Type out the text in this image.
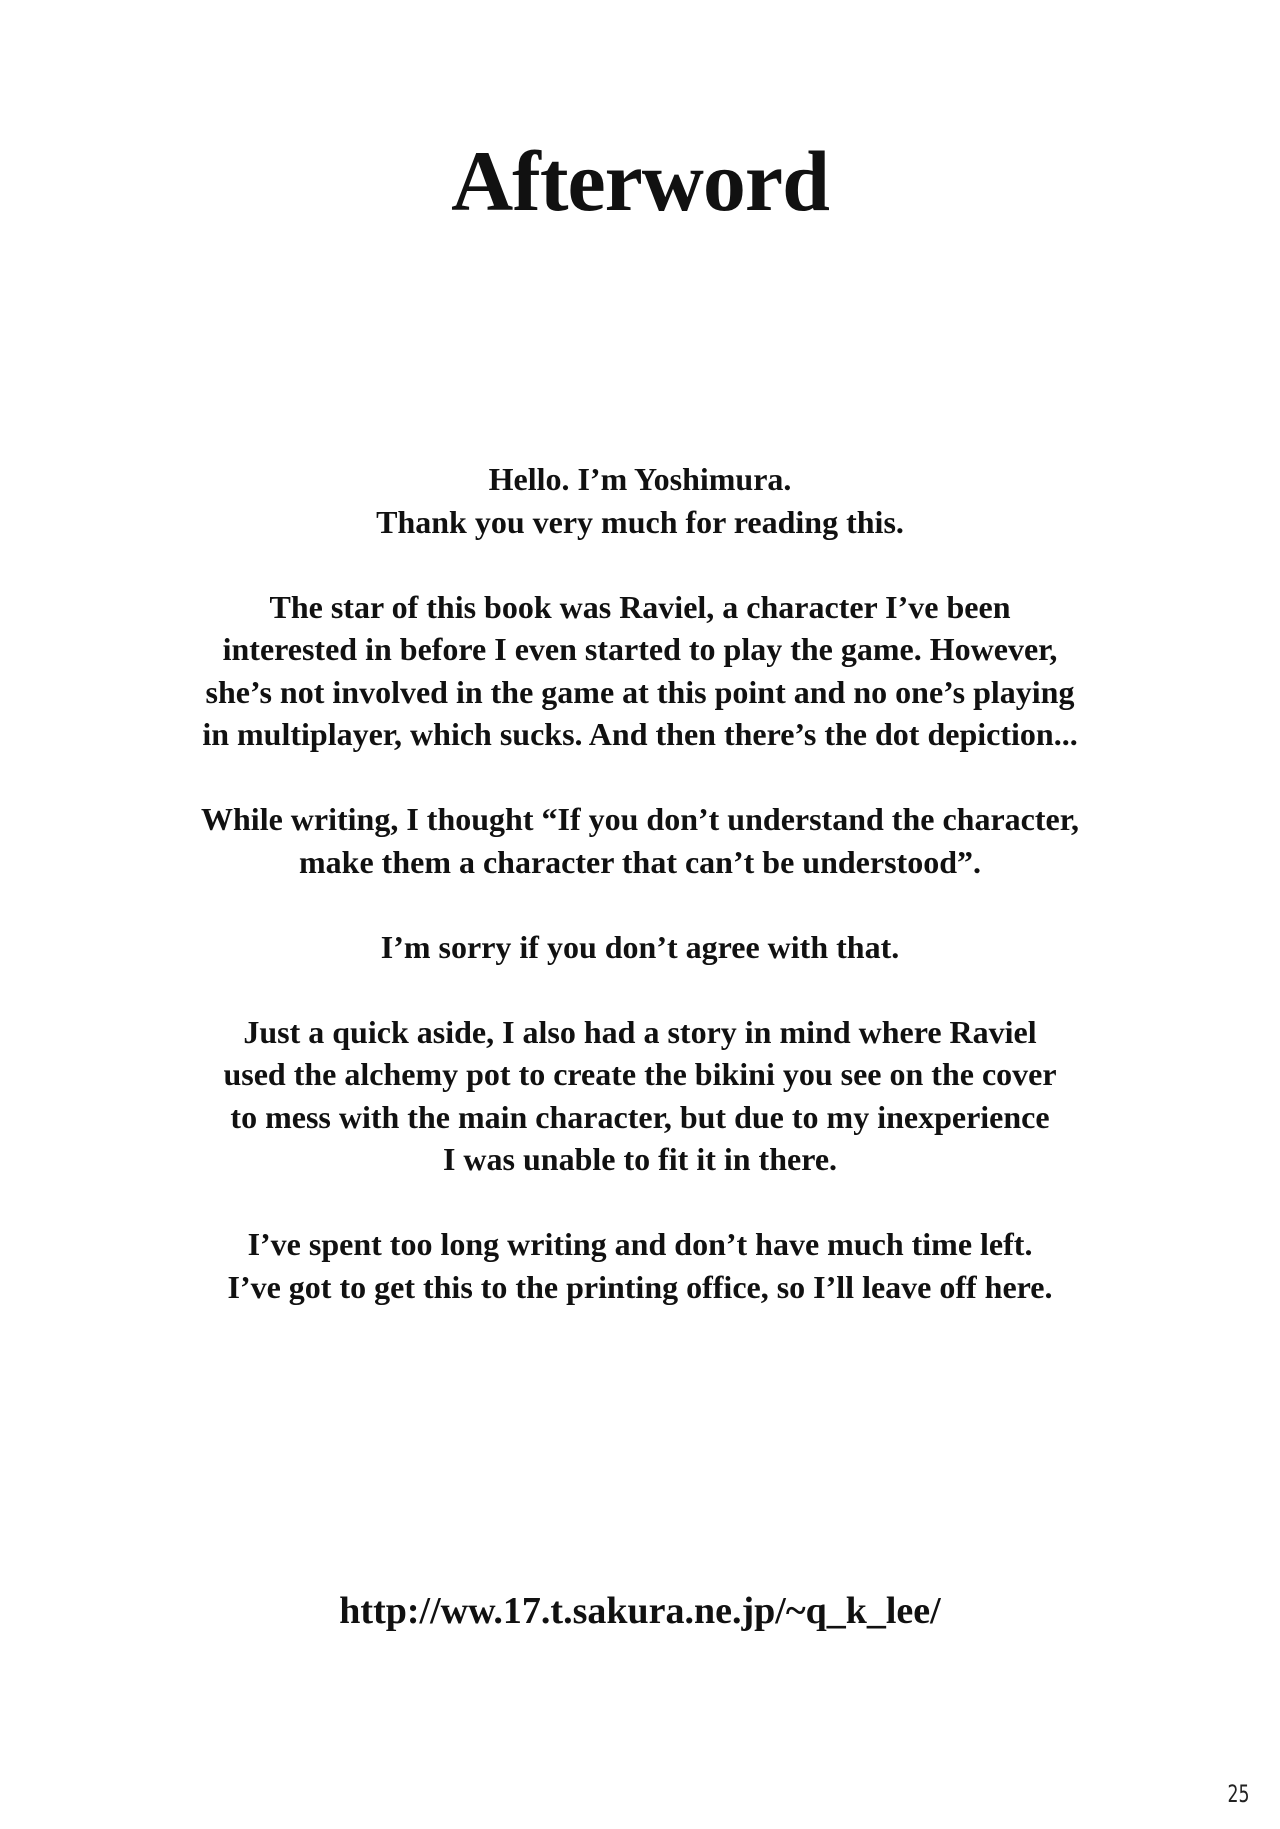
Afterword

Hello. I’m Yoshimura.
Thank you very much for reading this.

The star of this book was Raviel, a character I’ve been
interested in before I even started to play the game. However,
she’s not involved in the game at this point and no one’s playing
in multiplayer, which sucks. And then there’s the dot depiction...

While writing, I thought “If you don’t understand the character,
make them a character that can’t be understood”.

I’m sorry if you don’t agree with that.

Just a quick aside, I also had a story in mind where Raviel
used the alchemy pot to create the bikini you see on the cover
to mess with the main character, but due to my inexperience
I was unable to fit it in there.

I’ve spent too long writing and don’t have much time left.
I’ve got to get this to the printing office, so I’ll leave off here.

http://ww.17.t.sakura.ne.jp/~q_k_lee/
25
